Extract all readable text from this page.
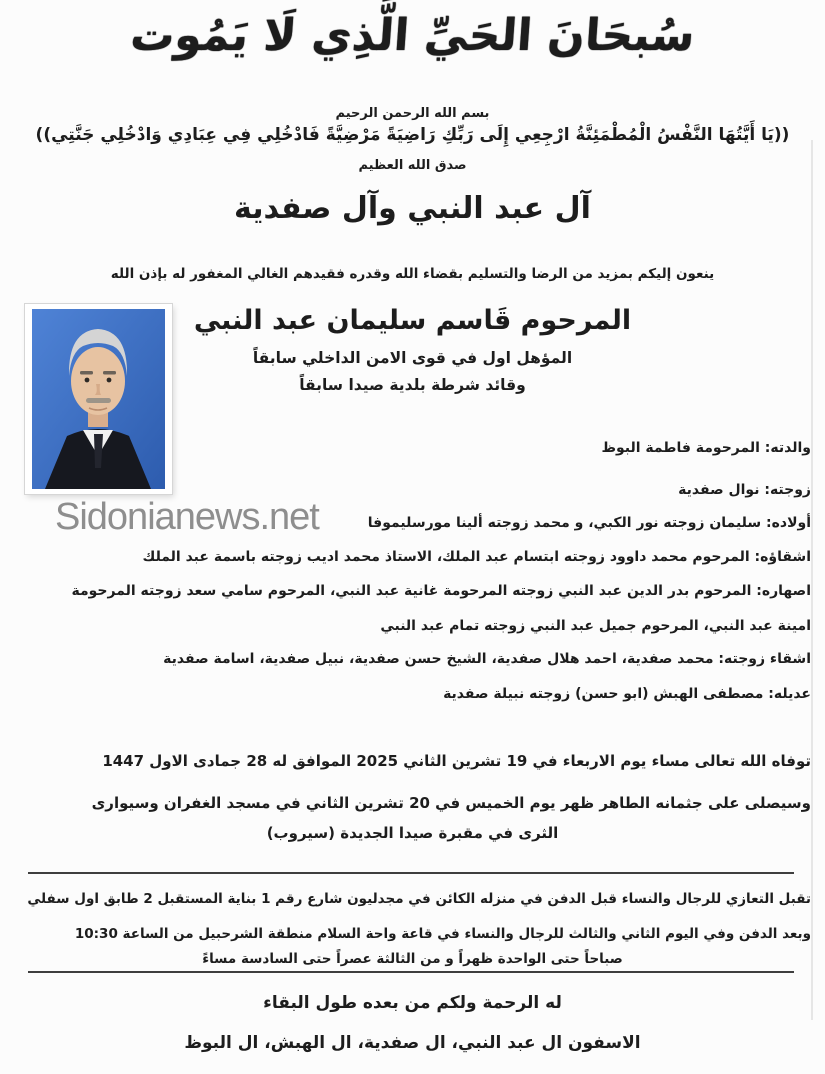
سُبحَانَ الحَيِّ الَّذِي لَا يَمُوت
بسم الله الرحمن الرحيم
((يَا أَيَّتُهَا النَّفْسُ الْمُطْمَئِنَّةُ ارْجِعِي إِلَى رَبِّكِ رَاضِيَةً مَرْضِيَّةً فَادْخُلِي فِي عِبَادِي وَادْخُلِي جَنَّتِي))
صدق الله العظيم
آل عبد النبي وآل صفدية
ينعون إليكم بمزيد من الرضا والتسليم بقضاء الله وقدره فقيدهم الغالي المغفور له بإذن الله
المرحوم قَاسم سليمان عبد النبي
المؤهل اول في قوى الامن الداخلي سابقاً
وقائد شرطة بلدية صيدا سابقاً
والدته: المرحومة فاطمة البوظ
زوجته: نوال صفدية
أولاده: سليمان زوجته نور الكبي، و محمد زوجته ألينا مورسليموفا
اشقاؤه: المرحوم محمد داوود زوجته ابتسام عبد الملك، الاستاذ محمد اديب زوجته باسمة عبد الملك
اصهاره: المرحوم بدر الدين عبد النبي زوجته المرحومة غانية عبد النبي، المرحوم سامي سعد زوجته المرحومة
امينة عبد النبي، المرحوم جميل عبد النبي زوجته تمام عبد النبي
اشقاء زوجته: محمد صفدية، احمد هلال صفدية، الشيخ حسن صفدية، نبيل صفدية، اسامة صفدية
عديله: مصطفى الهبش (ابو حسن) زوجته نبيلة صفدية
Sidonianews.net
توفاه الله تعالى مساء يوم الاربعاء في 19 تشرين الثاني 2025 الموافق له 28 جمادى الاول 1447
وسيصلى على جثمانه الطاهر ظهر يوم الخميس في 20 تشرين الثاني في مسجد الغفران وسيوارى
الثرى في مقبرة صيدا الجديدة (سيروب)
تقبل التعازي للرجال والنساء قبل الدفن في منزله الكائن في مجدليون شارع رقم 1 بناية المستقبل 2 طابق اول سفلي
وبعد الدفن وفي اليوم الثاني والثالث للرجال والنساء في قاعة واحة السلام منطقة الشرحبيل من الساعة 10:30
صباحاً حتى الواحدة ظهراً و من الثالثة عصراً حتى السادسة مساءً
له الرحمة ولكم من بعده طول البقاء
الاسفون ال عبد النبي، ال صفدية، ال الهبش، ال البوظ
